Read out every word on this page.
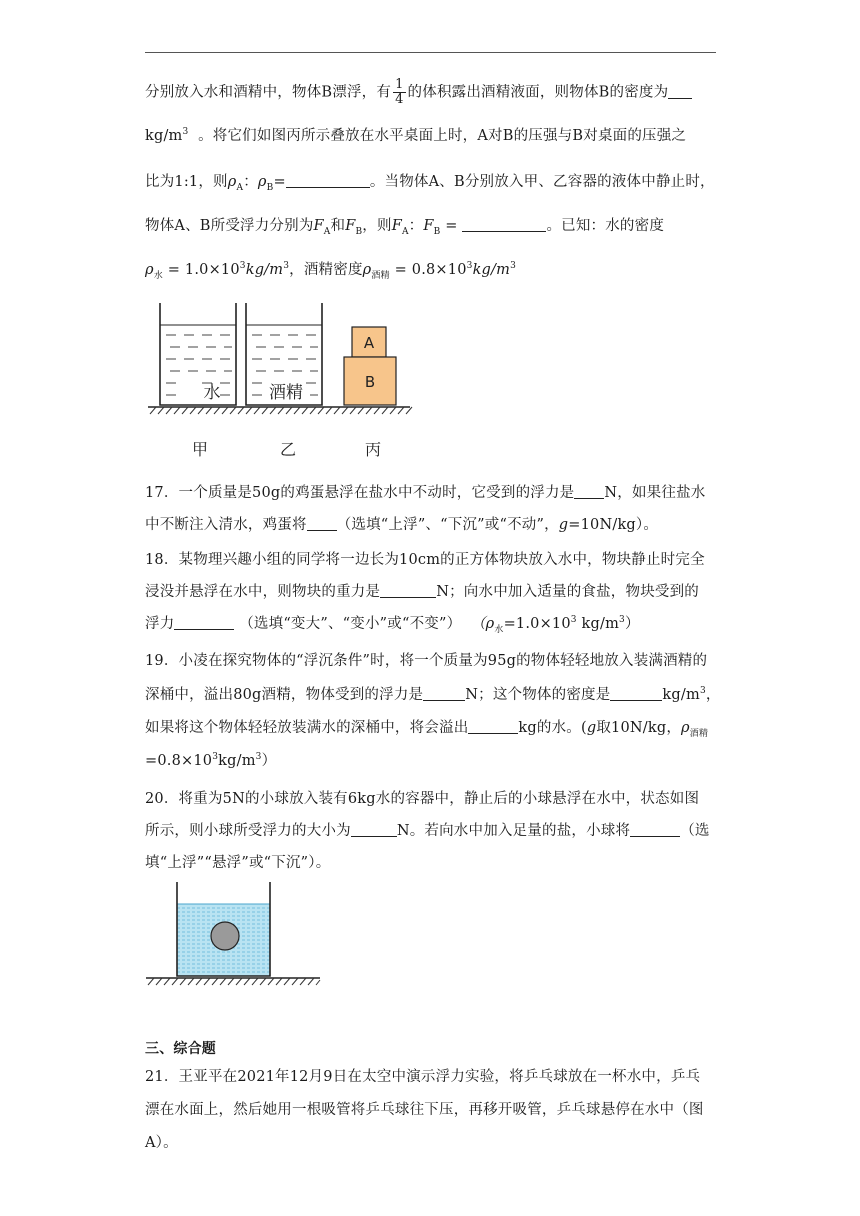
分别放入水和酒精中，物体B漂浮，有 $\frac{1}{4}$ 的体积露出酒精液面，则物体B的密度为
$kg/m^3$ 。将它们如图丙所示叠放在水平桌面上时，A对B的压强与B对桌面的压强之
比为1:1，则$\rho_A$：$\rho_B=$	。当物体A、B分别放入甲、乙容器的液体中静止时，
物体A、B所受浮力分别为$F_A$和$F_B$，则$F_A$：$F_B$ =	。已知：水的密度
$\rho_水 = 1.0\times 10^3kg/m^3$，酒精密度$\rho_{酒精} = 0.8\times 10^3kg/m^3$
水	酒精
A
B
甲	乙	丙
17．一个质量是50g的鸡蛋悬浮在盐水中不动时，它受到的浮力是 N，如果往盐水
中不断注入清水，鸡蛋将 （选填“上浮”、“下沉”或“不动”，g=10N/kg）。
18．某物理兴趣小组的同学将一边长为10cm的正方体物块放入水中，物块静止时完全
浸没并悬浮在水中，则物块的重力是	N；向水中加入适量的食盐，物块受到的
浮力	（选填“变大”、“变小”或“不变”） （$\rho_水=1.0\times 10^3$ $kg/m^3$）
19．小凌在探究物体的“浮沉条件”时，将一个质量为95g的物体轻轻地放入装满酒精的
深桶中，溢出80g酒精，物体受到的浮力是	N；这个物体的密度是	$kg/m^3$，
如果将这个物体轻轻放装满水的深桶中，将会溢出	kg的水。(g取10N/kg，$\rho_{酒精}$
$=0.8\times 10^3kg/m^3$）
20．将重为5N的小球放入装有6kg水的容器中，静止后的小球悬浮在水中，状态如图
所示，则小球所受浮力的大小为	N。若向水中加入足量的盐，小球将	（选
填“上浮”“悬浮”或“下沉”）。
三、综合题
21．王亚平在2021年12月9日在太空中演示浮力实验，将乒乓球放在一杯水中，乒乓
漂在水面上，然后她用一根吸管将乒乓球往下压，再移开吸管，乒乓球悬停在水中（图
A）。
